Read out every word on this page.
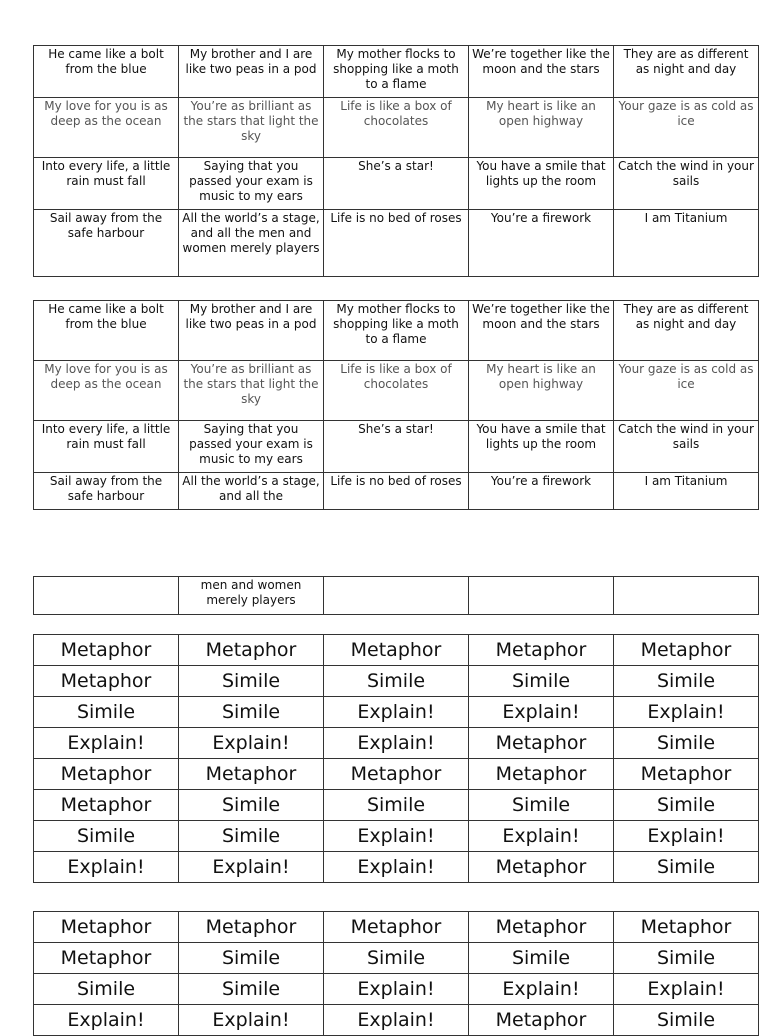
He came like a bolt from the blue	My brother and I are like two peas in a pod	My mother flocks to shopping like a moth to a flame	We’re together like the moon and the stars	They are as different as night and day
My love for you is as deep as the ocean	You’re as brilliant as the stars that light the sky	Life is like a box of chocolates	My heart is like an open highway	Your gaze is as cold as ice
Into every life, a little rain must fall	Saying that you passed your exam is music to my ears	She’s a star!	You have a smile that lights up the room	Catch the wind in your sails
Sail away from the safe harbour	All the world’s a stage, and all the men and women merely players	Life is no bed of roses	You’re a firework	I am Titanium
He came like a bolt from the blue	My brother and I are like two peas in a pod	My mother flocks to shopping like a moth to a flame	We’re together like the moon and the stars	They are as different as night and day
My love for you is as deep as the ocean	You’re as brilliant as the stars that light the sky	Life is like a box of chocolates	My heart is like an open highway	Your gaze is as cold as ice
Into every life, a little rain must fall	Saying that you passed your exam is music to my ears	She’s a star!	You have a smile that lights up the room	Catch the wind in your sails
Sail away from the safe harbour	All the world’s a stage, and all the	Life is no bed of roses	You’re a firework	I am Titanium
	men and women merely players			
Metaphor	Metaphor	Metaphor	Metaphor	Metaphor
Metaphor	Simile	Simile	Simile	Simile
Simile	Simile	Explain!	Explain!	Explain!
Explain!	Explain!	Explain!	Metaphor	Simile
Metaphor	Metaphor	Metaphor	Metaphor	Metaphor
Metaphor	Simile	Simile	Simile	Simile
Simile	Simile	Explain!	Explain!	Explain!
Explain!	Explain!	Explain!	Metaphor	Simile
Metaphor	Metaphor	Metaphor	Metaphor	Metaphor
Metaphor	Simile	Simile	Simile	Simile
Simile	Simile	Explain!	Explain!	Explain!
Explain!	Explain!	Explain!	Metaphor	Simile
